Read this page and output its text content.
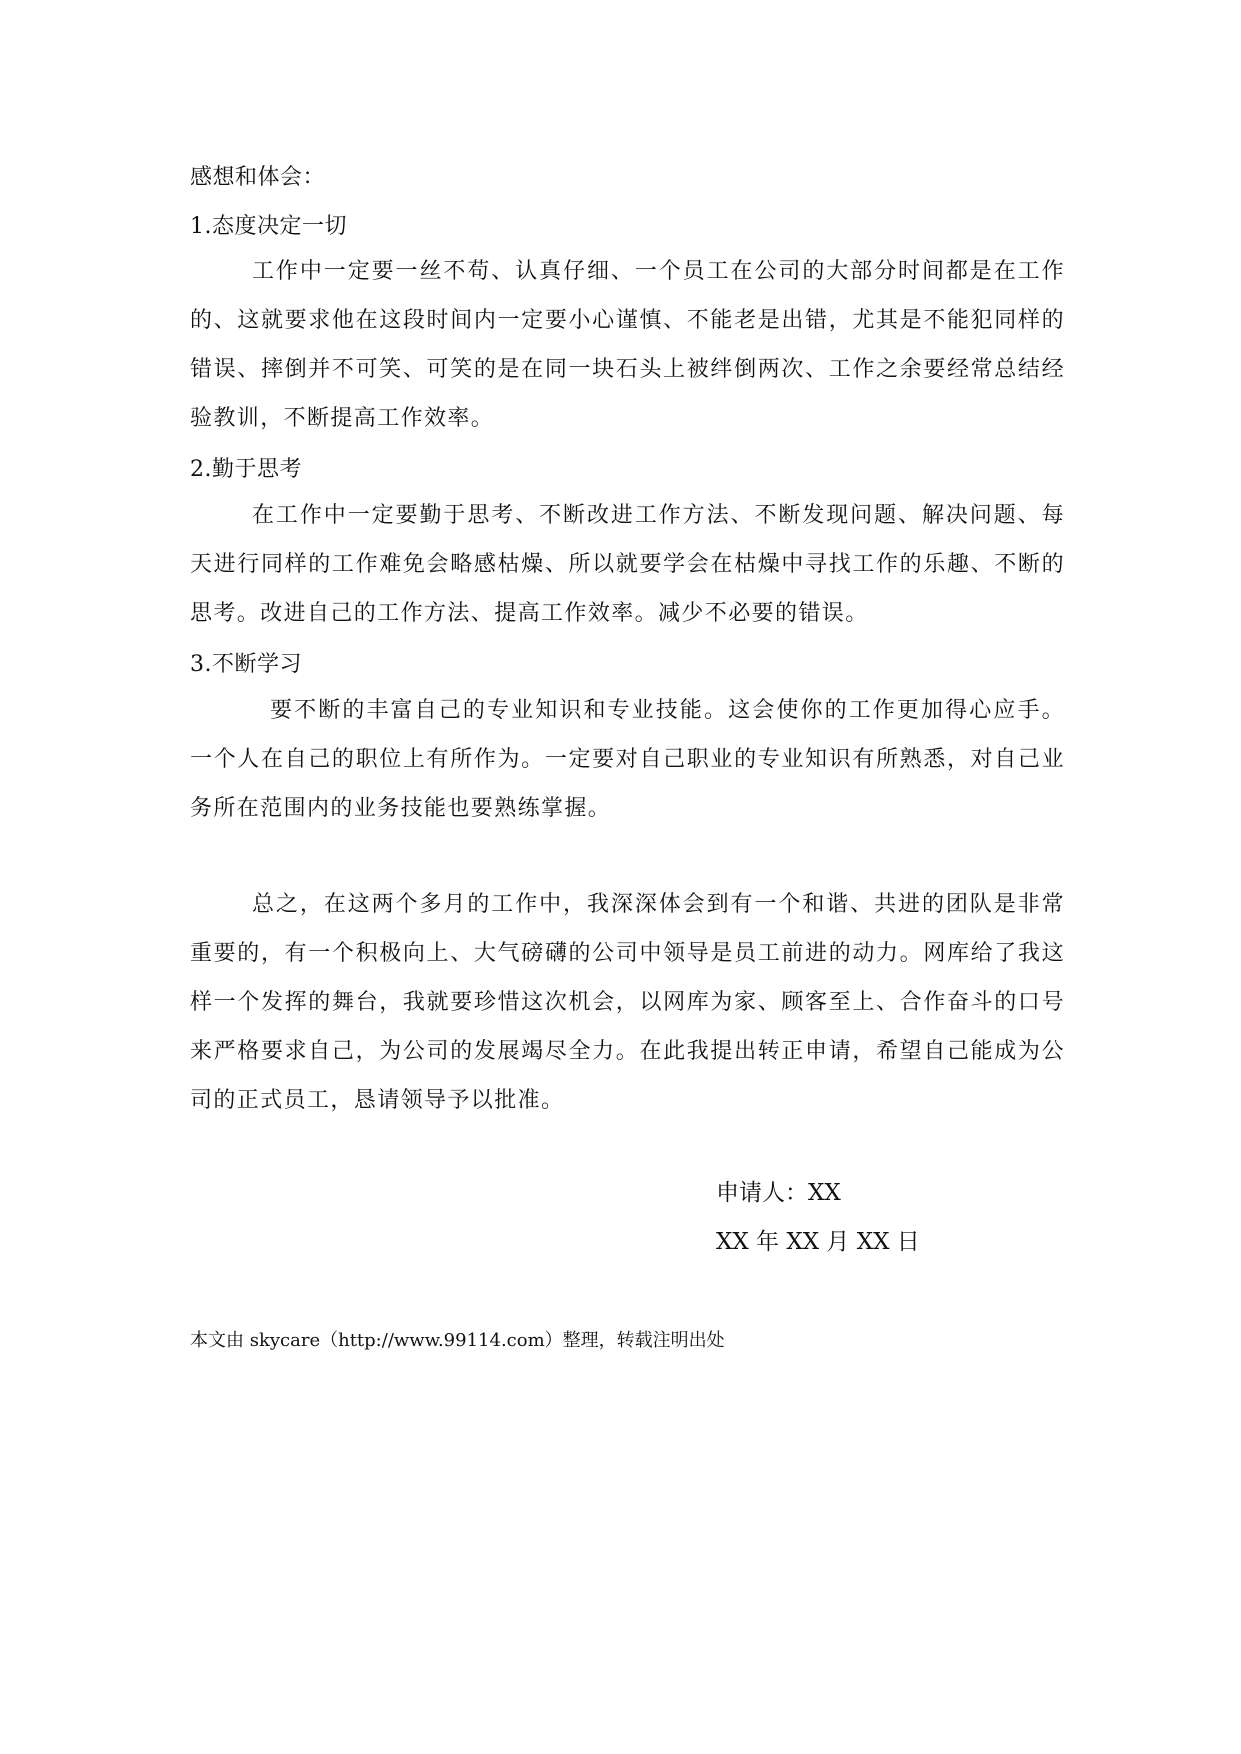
感想和体会：
1.态度决定一切
工作中一定要一丝不苟、认真仔细、一个员工在公司的大部分时间都是在工作的、这就要求他在这段时间内一定要小心谨慎、不能老是出错，尤其是不能犯同样的错误、摔倒并不可笑、可笑的是在同一块石头上被绊倒两次、工作之余要经常总结经验教训，不断提高工作效率。
2.勤于思考
在工作中一定要勤于思考、不断改进工作方法、不断发现问题、解决问题、每天进行同样的工作难免会略感枯燥、所以就要学会在枯燥中寻找工作的乐趣、不断的思考。改进自己的工作方法、提高工作效率。减少不必要的错误。
3.不断学习
要不断的丰富自己的专业知识和专业技能。这会使你的工作更加得心应手。一个人在自己的职位上有所作为。一定要对自己职业的专业知识有所熟悉，对自己业务所在范围内的业务技能也要熟练掌握。
总之，在这两个多月的工作中，我深深体会到有一个和谐、共进的团队是非常重要的，有一个积极向上、大气磅礴的公司中领导是员工前进的动力。网库给了我这样一个发挥的舞台，我就要珍惜这次机会，以网库为家、顾客至上、合作奋斗的口号来严格要求自己，为公司的发展竭尽全力。在此我提出转正申请，希望自己能成为公司的正式员工，恳请领导予以批准。
申请人：XX
XX 年 XX 月 XX 日
本文由 skycare（http://www.99114.com）整理，转载注明出处
